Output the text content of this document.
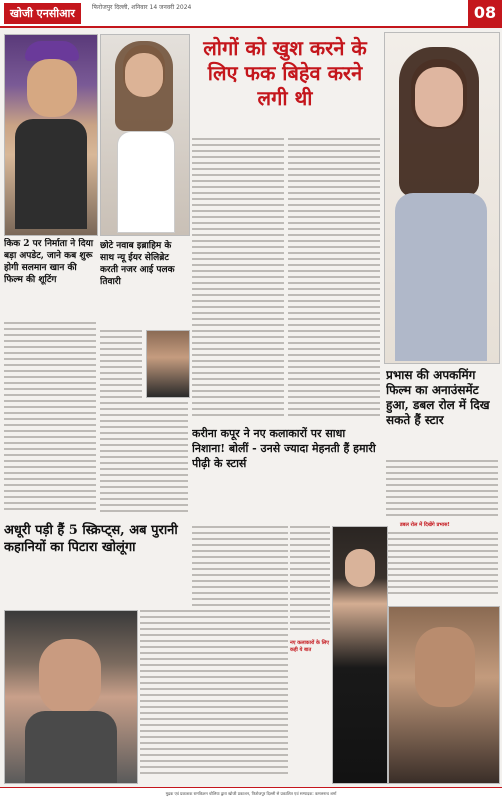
खोजी एनसीआर	फिरोजपुर दिल्ली, शनिवार 14 जनवरी 2024	08
लोगों को खुश करने के लिए फक बिहेव करने लगी थी
किक 2 पर निर्माता ने दिया बड़ा अपडेट, जाने कब शुरू होगी सलमान खान की फिल्म की शूटिंग
छोटे नवाब इब्राहिम के साथ न्यू ईयर सेलिब्रेट करती नजर आई पलक तिवारी
प्रभास की अपकमिंग फिल्म का अनाउंसमेंट हुआ, डबल रोल में दिख सकते हैं स्टार
डबल रोल में दिखेंगे प्रभास!
करीना कपूर ने नए कलाकारों पर साधा निशाना! बोलीं - उनसे ज्यादा मेहनती हैं हमारी पीढ़ी के स्टार्स
अधूरी पड़ी हैं 5 स्क्रिप्ट्स, अब पुरानी कहानियों का पिटारा खोलूंगा
नए कलाकारों के लिए कही ये बात
मुद्रक एवं प्रकाशक रामकिशन धोलिया द्वारा खोजी प्रकाशन, फिरोजपुर दिल्ली से प्रकाशित एवं सम्पादक: कमलनाथ शर्मा
